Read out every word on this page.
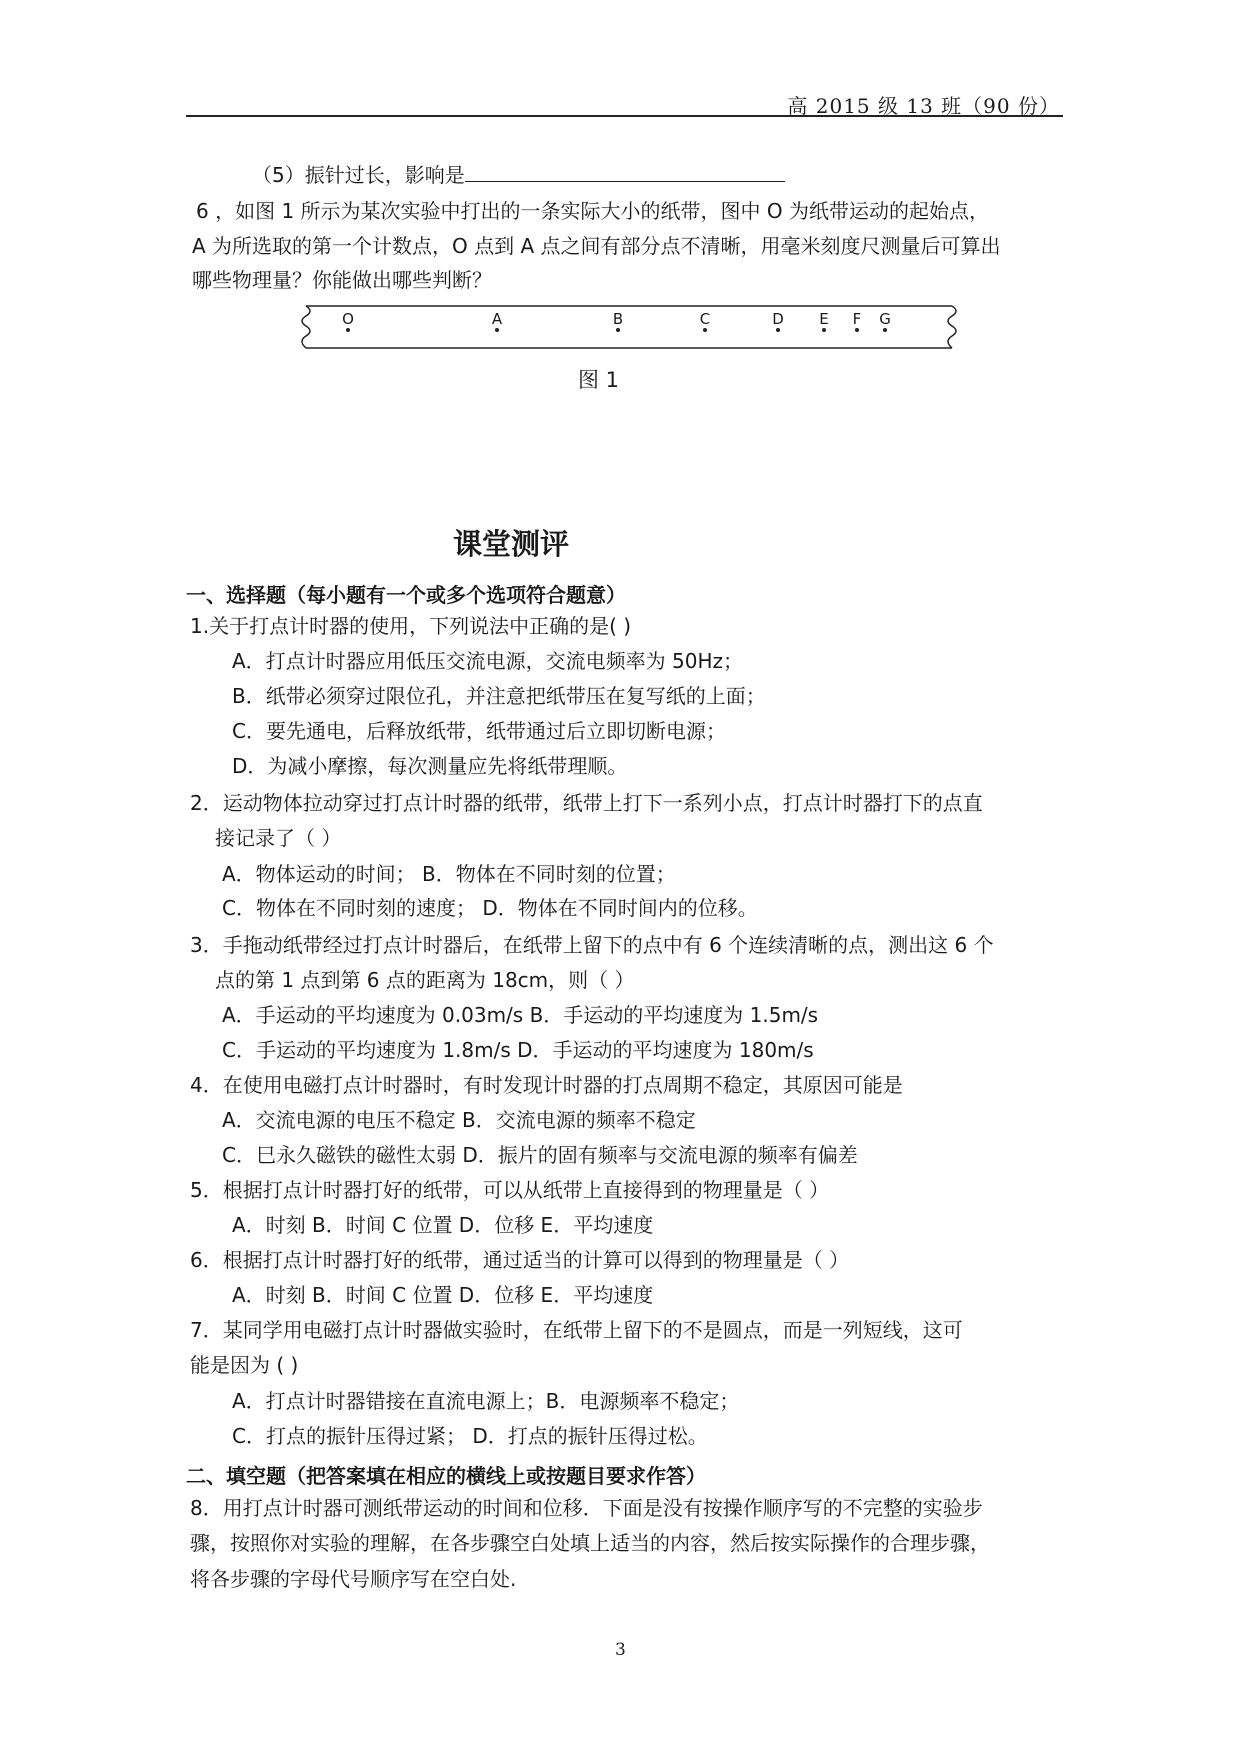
高 2015 级 13 班（90 份）
（5）振针过长，影响是
6 ，如图 1 所示为某次实验中打出的一条实际大小的纸带，图中 O 为纸带运动的起始点，
A 为所选取的第一个计数点，O 点到 A 点之间有部分点不清晰，用毫米刻度尺测量后可算出
哪些物理量？你能做出哪些判断？
O	A	B	C	D E F G
图 1
课堂测评
一、选择题（每小题有一个或多个选项符合题意）
1.关于打点计时器的使用，下列说法中正确的是( )
A．打点计时器应用低压交流电源，交流电频率为 50Hz；
B．纸带必须穿过限位孔，并注意把纸带压在复写纸的上面；
C．要先通电，后释放纸带，纸带通过后立即切断电源；
D．为减小摩擦，每次测量应先将纸带理顺。
2．运动物体拉动穿过打点计时器的纸带，纸带上打下一系列小点，打点计时器打下的点直
接记录了（ ）
A．物体运动的时间； B．物体在不同时刻的位置；
C．物体在不同时刻的速度； D．物体在不同时间内的位移。
3．手拖动纸带经过打点计时器后，在纸带上留下的点中有 6 个连续清晰的点，测出这 6 个
点的第 1 点到第 6 点的距离为 18cm，则（ ）
A．手运动的平均速度为 0.03m/s B．手运动的平均速度为 1.5m/s
C．手运动的平均速度为 1.8m/s D．手运动的平均速度为 180m/s
4．在使用电磁打点计时器时，有时发现计时器的打点周期不稳定，其原因可能是
A．交流电源的电压不稳定 B．交流电源的频率不稳定
C．巳永久磁铁的磁性太弱 D．振片的固有频率与交流电源的频率有偏差
5．根据打点计时器打好的纸带，可以从纸带上直接得到的物理量是（ ）
A．时刻 B．时间 C 位置 D．位移 E．平均速度
6．根据打点计时器打好的纸带，通过适当的计算可以得到的物理量是（ ）
A．时刻 B．时间 C 位置 D．位移 E．平均速度
7．某同学用电磁打点计时器做实验时，在纸带上留下的不是圆点，而是一列短线，这可
能是因为 ( )
A．打点计时器错接在直流电源上；B．电源频率不稳定；
C．打点的振针压得过紧； D．打点的振针压得过松。
二、填空题（把答案填在相应的横线上或按题目要求作答）
8．用打点计时器可测纸带运动的时间和位移．下面是没有按操作顺序写的不完整的实验步
骤，按照你对实验的理解，在各步骤空白处填上适当的内容，然后按实际操作的合理步骤，
将各步骤的字母代号顺序写在空白处.
3
